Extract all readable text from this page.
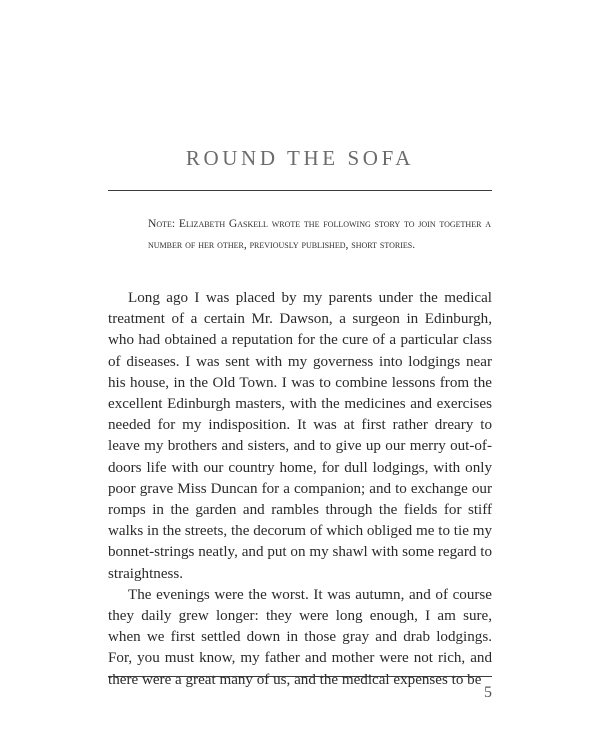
ROUND THE SOFA

Note: Elizabeth Gaskell wrote the following story to join together a number of her other, previously published, short stories.

Long ago I was placed by my parents under the medical treatment of a certain Mr. Dawson, a surgeon in Edinburgh, who had obtained a reputation for the cure of a particular class of diseases. I was sent with my governess into lodgings near his house, in the Old Town. I was to combine lessons from the excellent Edinburgh masters, with the medicines and exercises needed for my indisposition. It was at first rather dreary to leave my brothers and sisters, and to give up our merry out-of-doors life with our country home, for dull lodgings, with only poor grave Miss Duncan for a companion; and to exchange our romps in the garden and rambles through the fields for stiff walks in the streets, the decorum of which obliged me to tie my bonnet-strings neatly, and put on my shawl with some regard to straightness.

The evenings were the worst. It was autumn, and of course they daily grew longer: they were long enough, I am sure, when we first settled down in those gray and drab lodgings. For, you must know, my father and mother were not rich, and there were a great many of us, and the medical expenses to be

5
